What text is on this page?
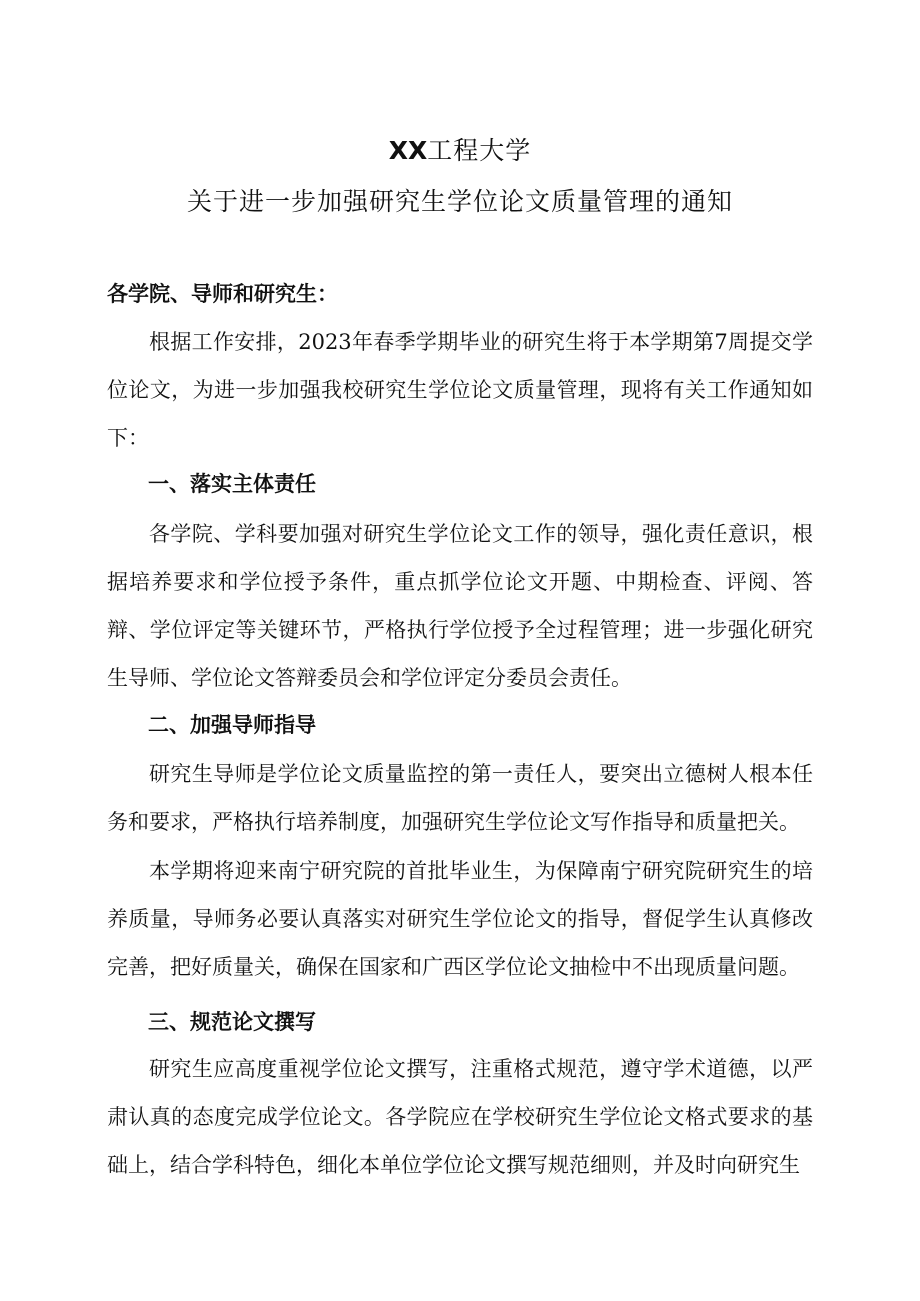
XX工程大学
关于进一步加强研究生学位论文质量管理的通知
各学院、导师和研究生：

根据工作安排，2023年春季学期毕业的研究生将于本学期第7周提交学位论文，为进一步加强我校研究生学位论文质量管理，现将有关工作通知如下：

一、落实主体责任

各学院、学科要加强对研究生学位论文工作的领导，强化责任意识，根据培养要求和学位授予条件，重点抓学位论文开题、中期检查、评阅、答辩、学位评定等关键环节，严格执行学位授予全过程管理；进一步强化研究生导师、学位论文答辩委员会和学位评定分委员会责任。

二、加强导师指导

研究生导师是学位论文质量监控的第一责任人，要突出立德树人根本任务和要求，严格执行培养制度，加强研究生学位论文写作指导和质量把关。

本学期将迎来南宁研究院的首批毕业生，为保障南宁研究院研究生的培养质量，导师务必要认真落实对研究生学位论文的指导，督促学生认真修改完善，把好质量关，确保在国家和广西区学位论文抽检中不出现质量问题。

三、规范论文撰写

研究生应高度重视学位论文撰写，注重格式规范，遵守学术道德，以严肃认真的态度完成学位论文。各学院应在学校研究生学位论文格式要求的基础上，结合学科特色，细化本单位学位论文撰写规范细则，并及时向研究生
